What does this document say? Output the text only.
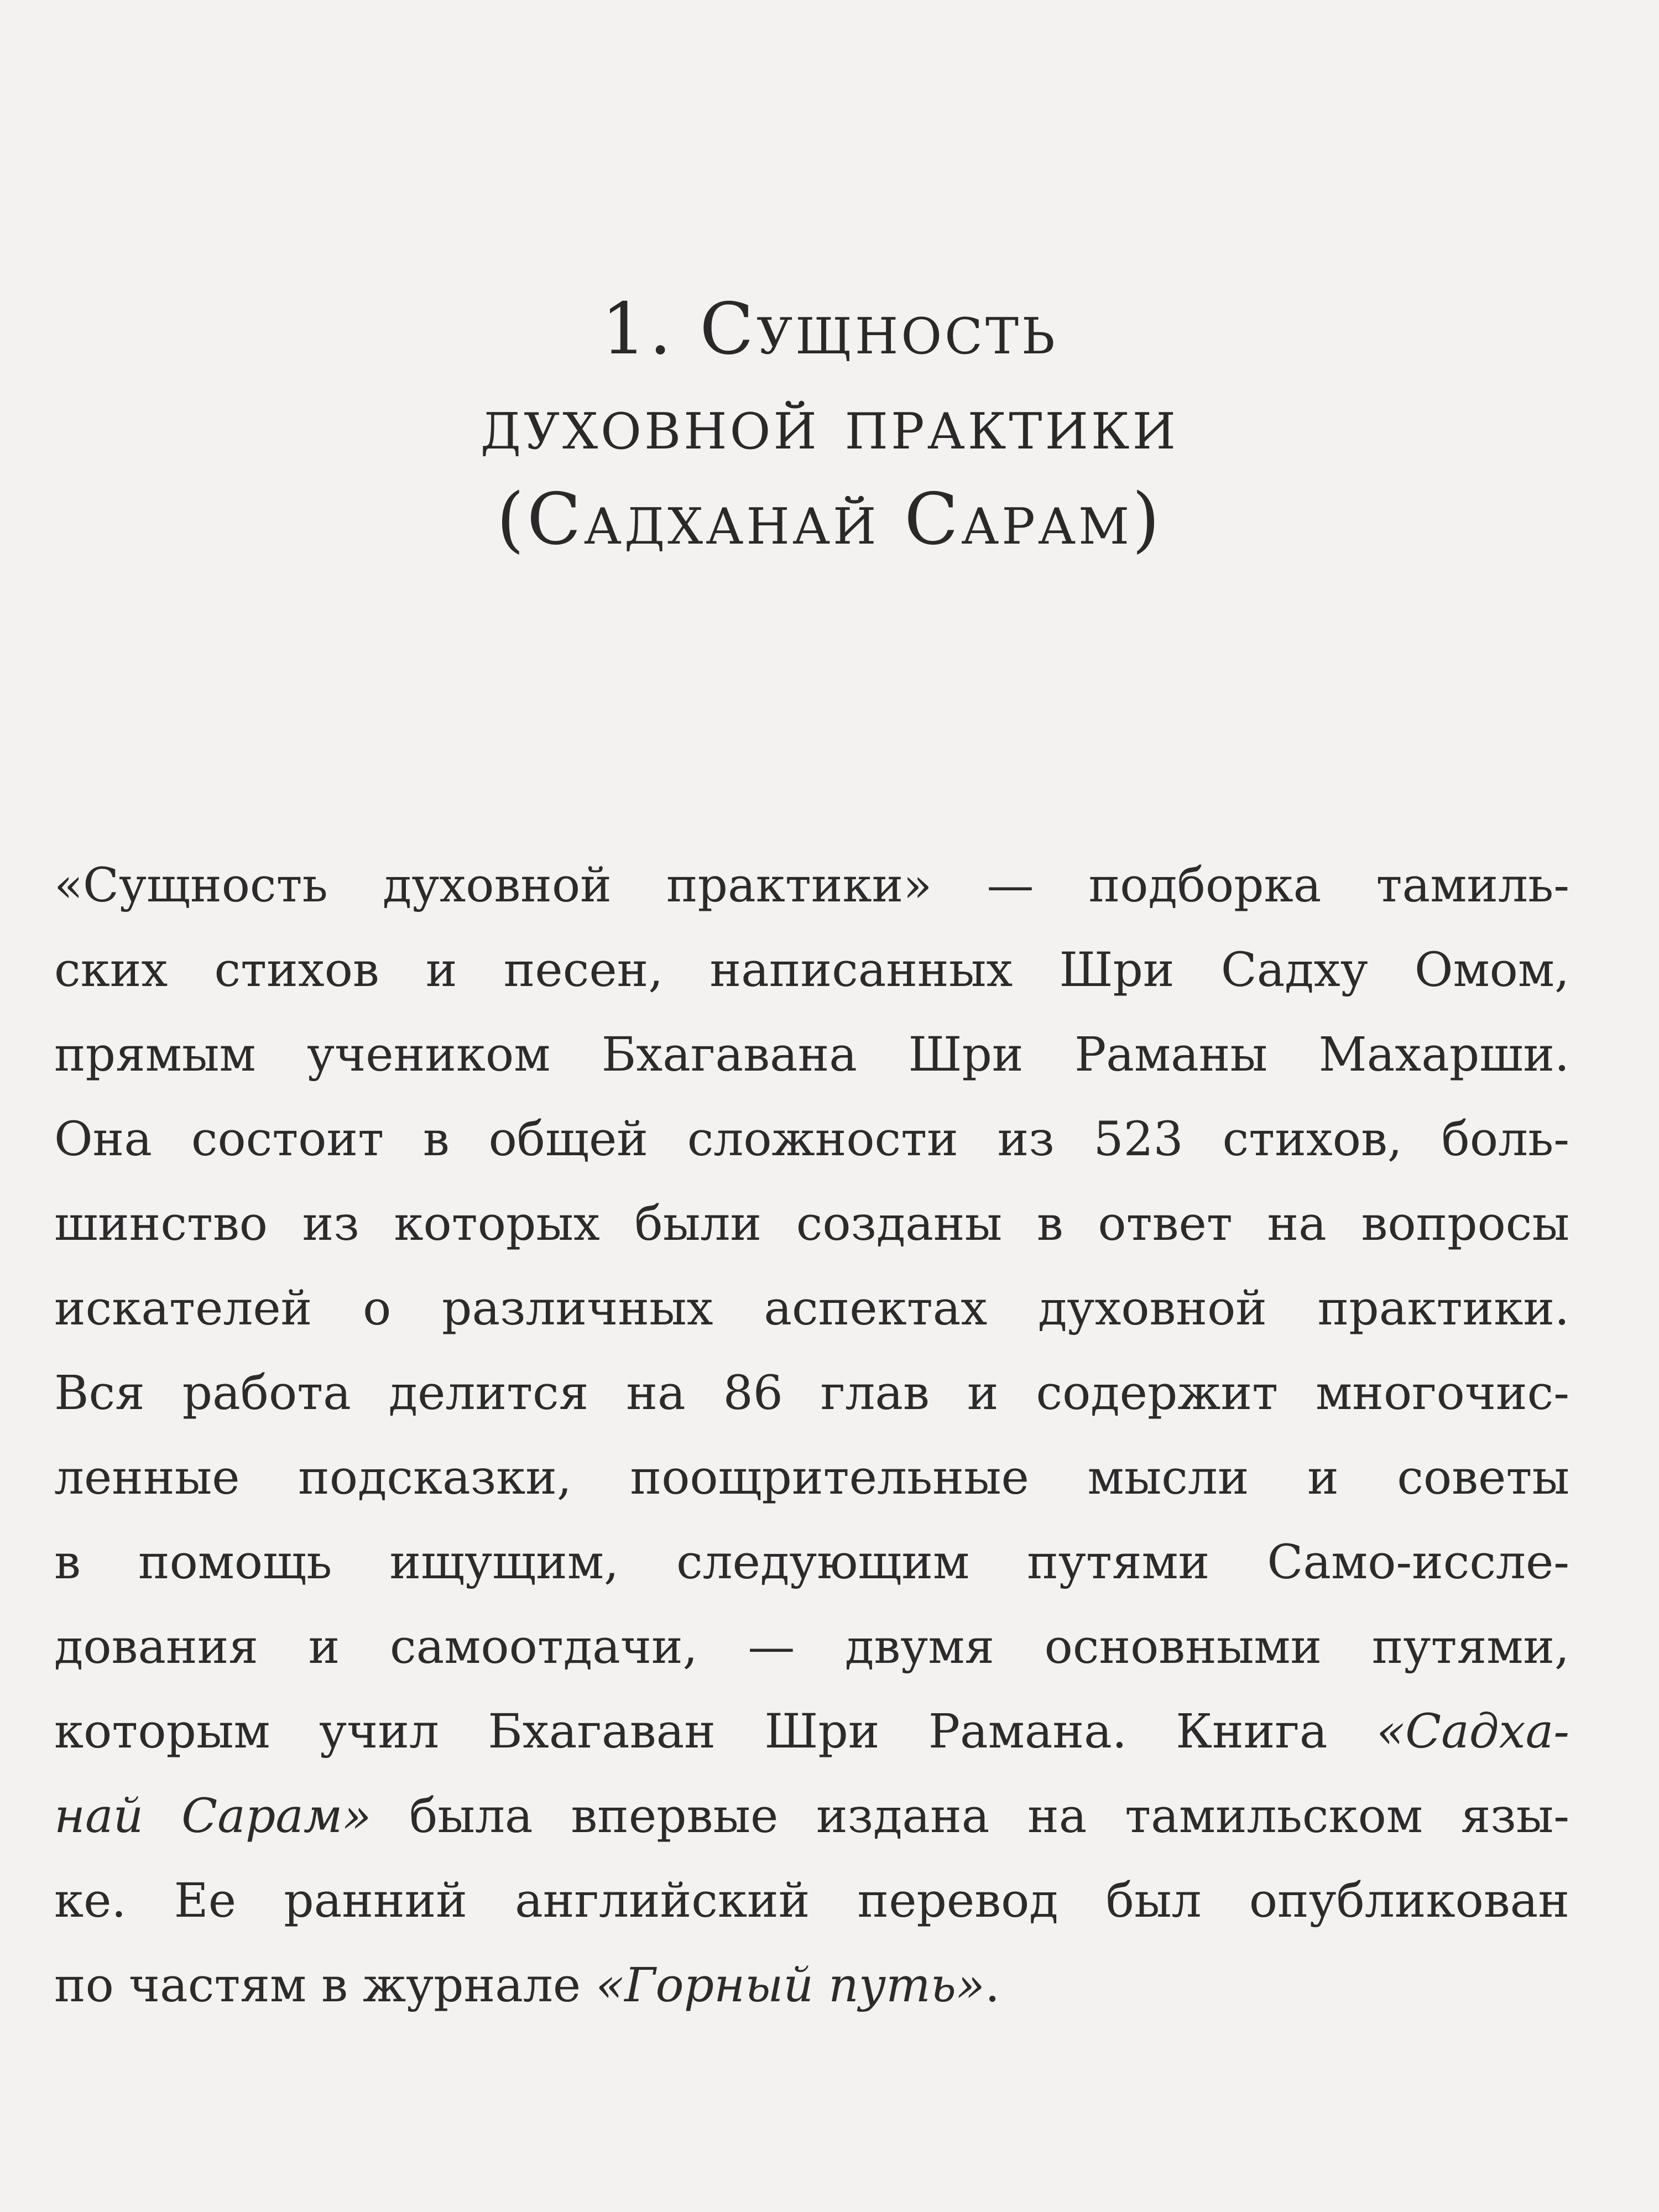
1. Сущность
духовной практики
(Садханай Сарам)
«Сущность духовной практики» — подборка тамиль-
ских стихов и песен, написанных Шри Садху Омом,
прямым учеником Бхагавана Шри Раманы Махарши.
Она состоит в общей сложности из 523 стихов, боль-
шинство из которых были созданы в ответ на вопросы
искателей о различных аспектах духовной практики.
Вся работа делится на 86 глав и содержит многочис-
ленные подсказки, поощрительные мысли и советы
в помощь ищущим, следующим путями Само-иссле-
дования и самоотдачи, — двумя основными путями,
которым учил Бхагаван Шри Рамана. Книга «Садха-
най Сарам» была впервые издана на тамильском язы-
ке. Ее ранний английский перевод был опубликован
по частям в журнале «Горный путь».
